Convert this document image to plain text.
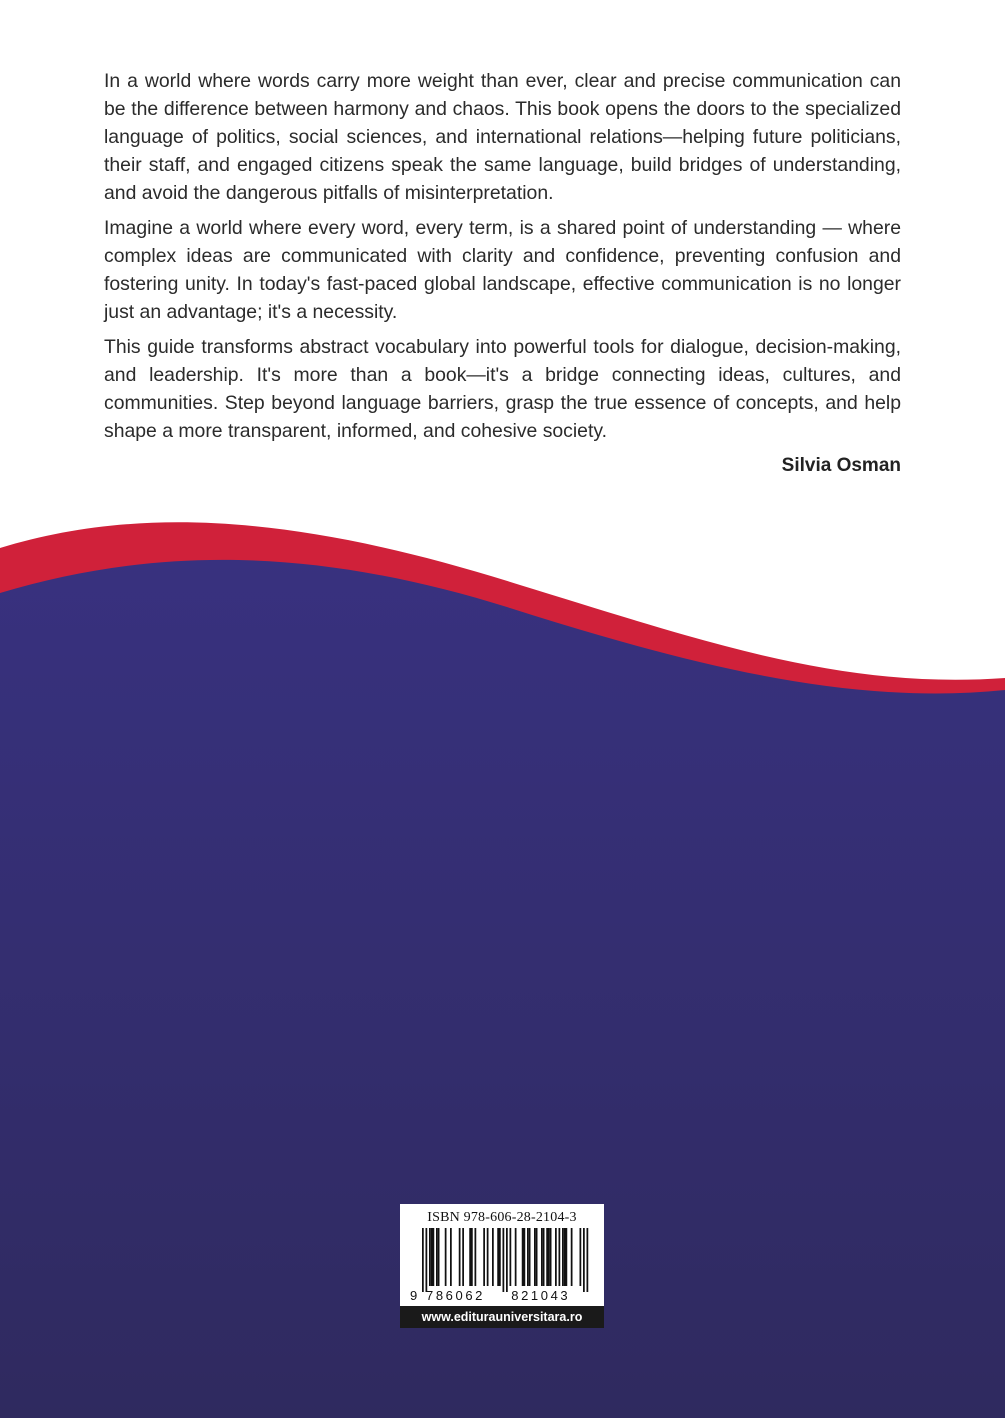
In a world where words carry more weight than ever, clear and precise communication can be the difference between harmony and chaos. This book opens the doors to the specialized language of politics, social sciences, and international relations—helping future politicians, their staff, and engaged citizens speak the same language, build bridges of understanding, and avoid the dangerous pitfalls of misinterpretation.

Imagine a world where every word, every term, is a shared point of understanding — where complex ideas are communicated with clarity and confidence, preventing confusion and fostering unity. In today's fast-paced global landscape, effective communication is no longer just an advantage; it's a necessity.

This guide transforms abstract vocabulary into powerful tools for dialogue, decision-making, and leadership. It's more than a book—it's a bridge connecting ideas, cultures, and communities. Step beyond language barriers, grasp the true essence of concepts, and help shape a more transparent, informed, and cohesive society.

Silvia Osman
ISBN 978-606-28-2104-3
9 786062 821043
www.editurauniversitara.ro
